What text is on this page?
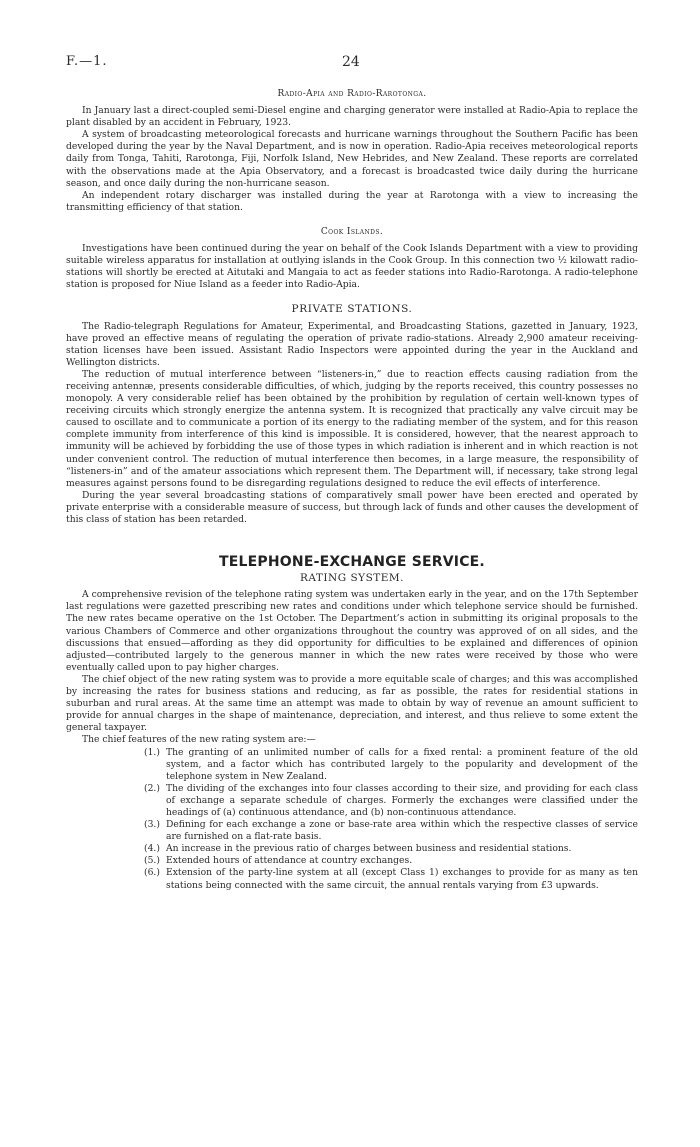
F.—1.	24
Radio-Apia and Radio-Rarotonga.

In January last a direct-coupled semi-Diesel engine and charging generator were installed at Radio-Apia to replace the plant disabled by an accident in February, 1923.

A system of broadcasting meteorological forecasts and hurricane warnings throughout the Southern Pacific has been developed during the year by the Naval Department, and is now in operation. Radio-Apia receives meteorological reports daily from Tonga, Tahiti, Rarotonga, Fiji, Norfolk Island, New Hebrides, and New Zealand. These reports are correlated with the observations made at the Apia Observatory, and a forecast is broadcasted twice daily during the hurricane season, and once daily during the non-hurricane season.

An independent rotary discharger was installed during the year at Rarotonga with a view to increasing the transmitting efficiency of that station.

Cook Islands.

Investigations have been continued during the year on behalf of the Cook Islands Department with a view to providing suitable wireless apparatus for installation at outlying islands in the Cook Group. In this connection two ½ kilowatt radio-stations will shortly be erected at Aitutaki and Mangaia to act as feeder stations into Radio-Rarotonga. A radio-telephone station is proposed for Niue Island as a feeder into Radio-Apia.

PRIVATE STATIONS.

The Radio-telegraph Regulations for Amateur, Experimental, and Broadcasting Stations, gazetted in January, 1923, have proved an effective means of regulating the operation of private radio-stations. Already 2,900 amateur receiving-station licenses have been issued. Assistant Radio Inspectors were appointed during the year in the Auckland and Wellington districts.

The reduction of mutual interference between “listeners-in,” due to reaction effects causing radiation from the receiving antennæ, presents considerable difficulties, of which, judging by the reports received, this country possesses no monopoly. A very considerable relief has been obtained by the prohibition by regulation of certain well-known types of receiving circuits which strongly energize the antenna system. It is recognized that practically any valve circuit may be caused to oscillate and to communicate a portion of its energy to the radiating member of the system, and for this reason complete immunity from interference of this kind is impossible. It is considered, however, that the nearest approach to immunity will be achieved by forbidding the use of those types in which radiation is inherent and in which reaction is not under convenient control. The reduction of mutual interference then becomes, in a large measure, the responsibility of “listeners-in” and of the amateur associations which represent them. The Department will, if necessary, take strong legal measures against persons found to be disregarding regulations designed to reduce the evil effects of interference.

During the year several broadcasting stations of comparatively small power have been erected and operated by private enterprise with a considerable measure of success, but through lack of funds and other causes the development of this class of station has been retarded.

TELEPHONE-EXCHANGE SERVICE.
RATING SYSTEM.

A comprehensive revision of the telephone rating system was undertaken early in the year, and on the 17th September last regulations were gazetted prescribing new rates and conditions under which telephone service should be furnished. The new rates became operative on the 1st October. The Department’s action in submitting its original proposals to the various Chambers of Commerce and other organizations throughout the country was approved of on all sides, and the discussions that ensued—affording as they did opportunity for difficulties to be explained and differences of opinion adjusted—contributed largely to the generous manner in which the new rates were received by those who were eventually called upon to pay higher charges.

The chief object of the new rating system was to provide a more equitable scale of charges; and this was accomplished by increasing the rates for business stations and reducing, as far as possible, the rates for residential stations in suburban and rural areas. At the same time an attempt was made to obtain by way of revenue an amount sufficient to provide for annual charges in the shape of maintenance, depreciation, and interest, and thus relieve to some extent the general taxpayer.

The chief features of the new rating system are:—

(1.) The granting of an unlimited number of calls for a fixed rental: a prominent feature of the old system, and a factor which has contributed largely to the popularity and development of the telephone system in New Zealand.
(2.) The dividing of the exchanges into four classes according to their size, and providing for each class of exchange a separate schedule of charges. Formerly the exchanges were classified under the headings of (a) continuous attendance, and (b) non-continuous attendance.
(3.) Defining for each exchange a zone or base-rate area within which the respective classes of service are furnished on a flat-rate basis.
(4.) An increase in the previous ratio of charges between business and residential stations.
(5.) Extended hours of attendance at country exchanges.
(6.) Extension of the party-line system at all (except Class 1) exchanges to provide for as many as ten stations being connected with the same circuit, the annual rentals varying from £3 upwards.
